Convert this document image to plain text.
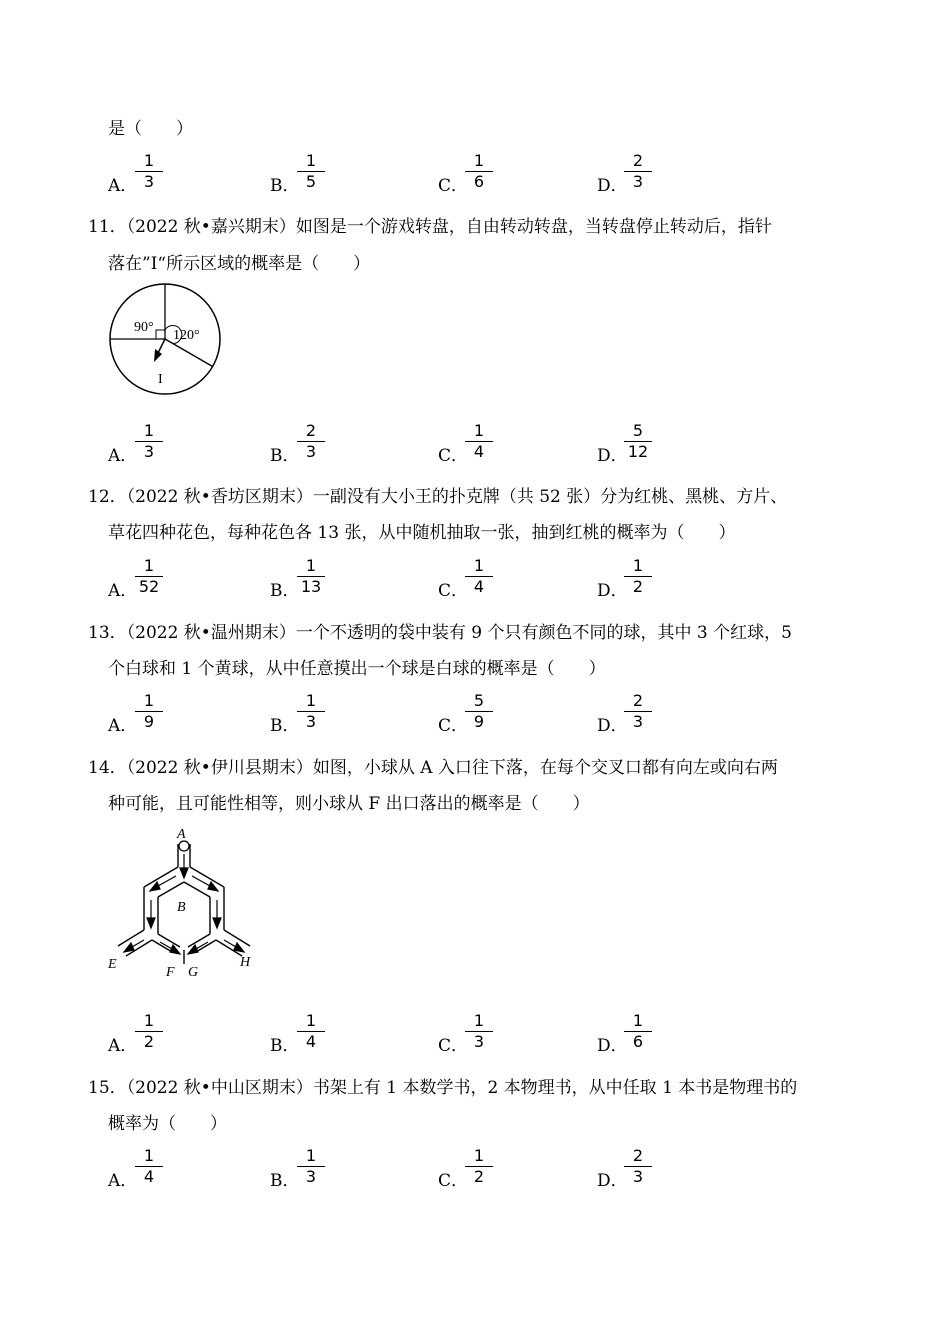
是（　　）
A．
1
3	B．
1
5	C．
1
6	D．
2
3
11．（2022 秋•嘉兴期末）如图是一个游戏转盘，自由转动转盘，当转盘停止转动后，指针
落在”I“所示区域的概率是（　　）
90°
120°
I
A．
1
3	B．
2
3	C．
1
4	D．
5
12
12．（2022 秋•香坊区期末）一副没有大小王的扑克牌（共 52 张）分为红桃、黑桃、方片、
草花四种花色，每种花色各 13 张，从中随机抽取一张，抽到红桃的概率为（　　）
A．
1
52	B．
1
13	C．
1
4	D．
1
2
13．（2022 秋•温州期末）一个不透明的袋中装有 9 个只有颜色不同的球，其中 3 个红球，5
个白球和 1 个黄球，从中任意摸出一个球是白球的概率是（　　）
A．
1
9	B．
1
3	C．
5
9	D．
2
3
14．（2022 秋•伊川县期末）如图，小球从 A 入口往下落，在每个交叉口都有向左或向右两
种可能，且可能性相等，则小球从 F 出口落出的概率是（　　）
A
B
E
F G
H
A．
1
2	B．
1
4	C．
1
3	D．
1
6
15．（2022 秋•中山区期末）书架上有 1 本数学书，2 本物理书，从中任取 1 本书是物理书的
概率为（　　）
A．
1
4	B．
1
3	C．
1
2	D．
2
3
